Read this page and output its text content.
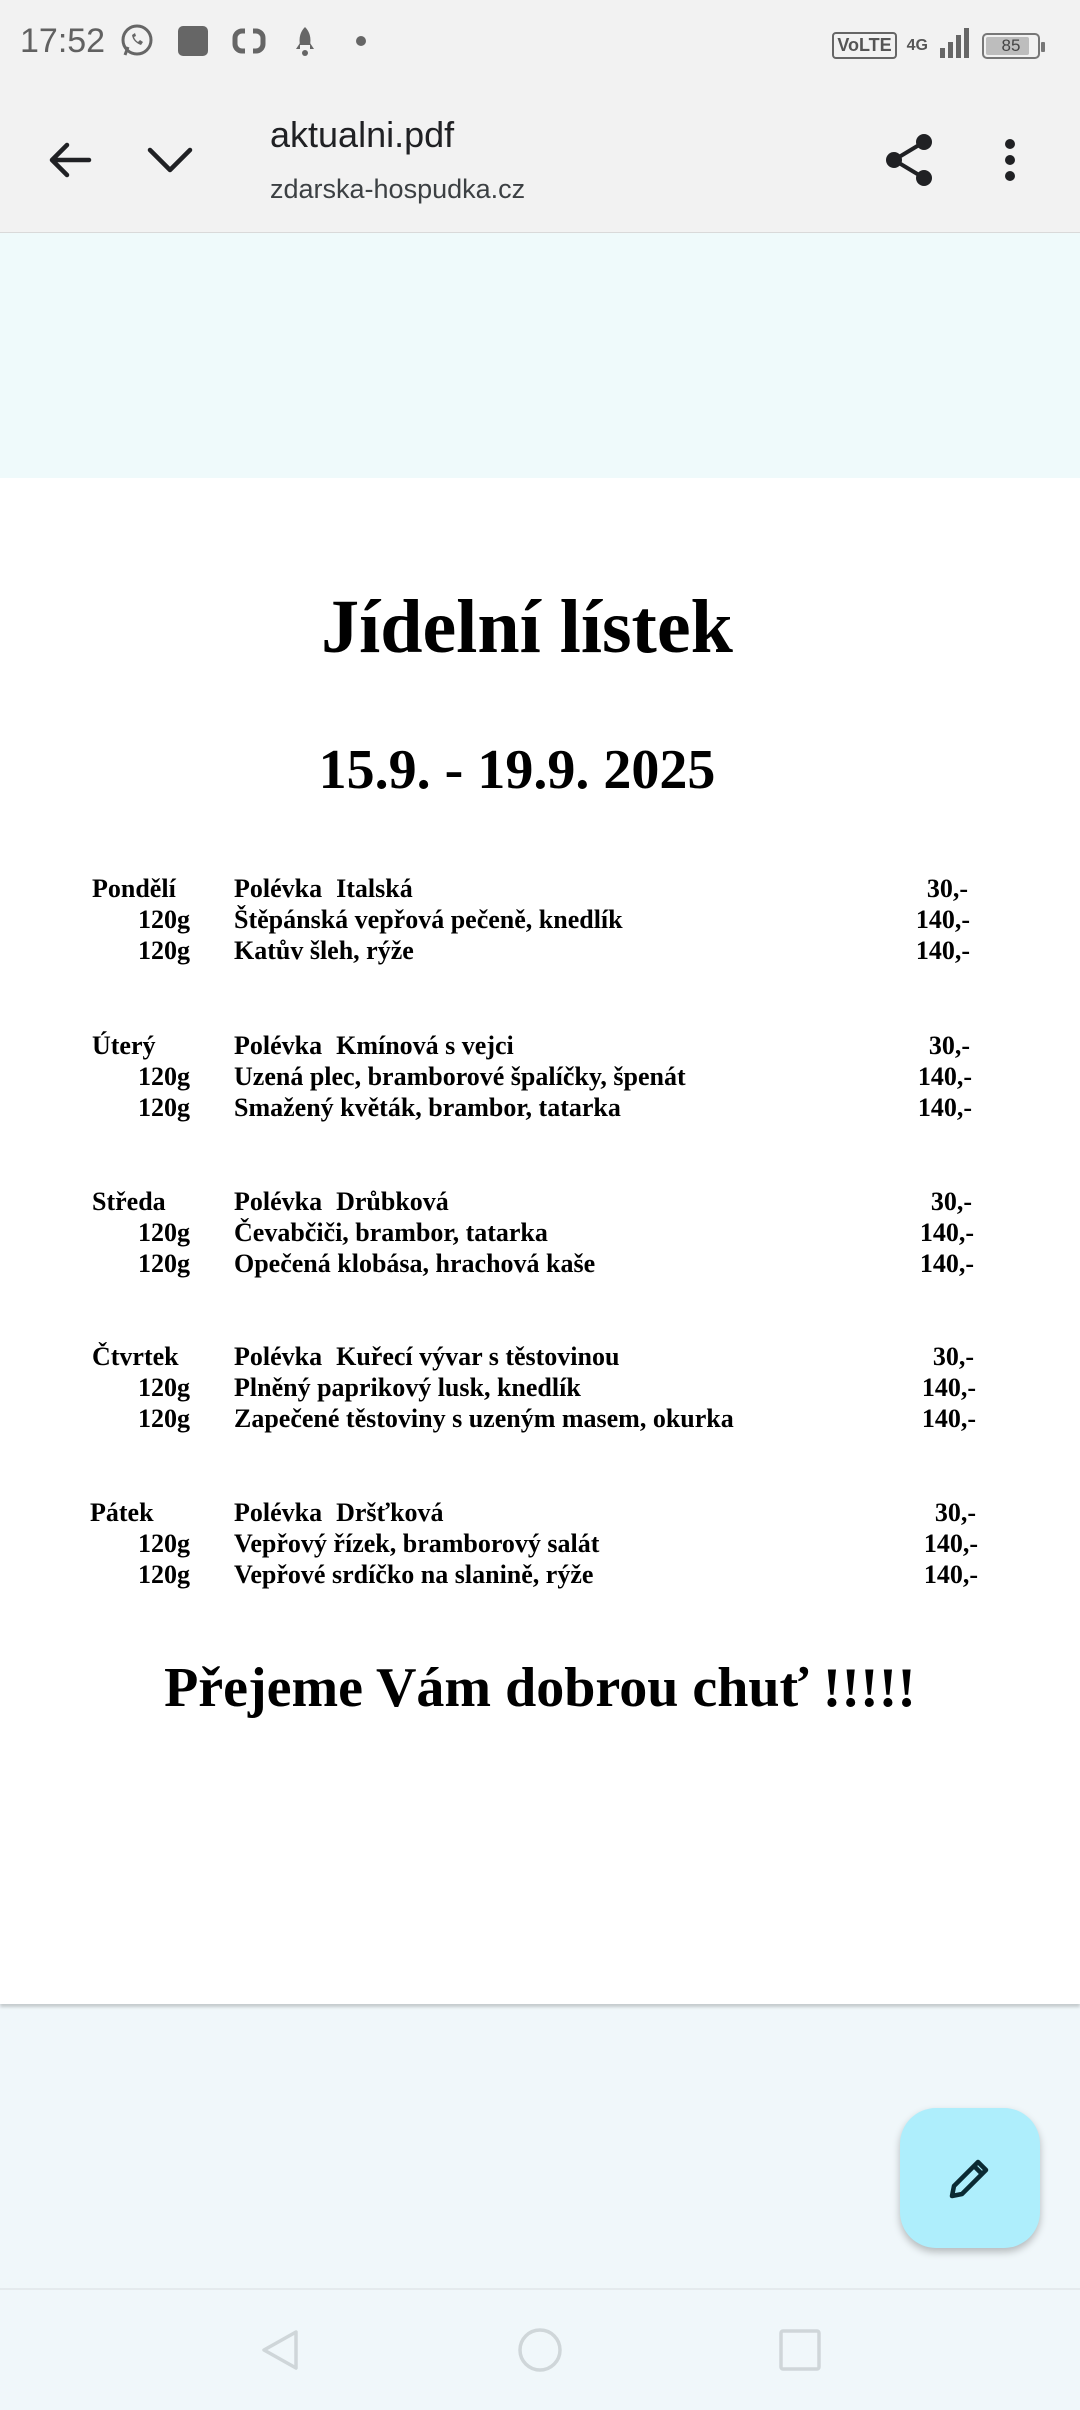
17:52	VoLTE 4G	85
aktualni.pdf
zdarska-hospudka.cz
Jídelní lístek
15.9. - 19.9. 2025
Přejeme Vám dobrou chuť !!!!!
Pondělí Polévka Italská	30,-
120g Štěpánská vepřová pečeně, knedlík	140,-
120g Katův šleh, rýže	140,-
Úterý	Polévka Kmínová s vejci	30,-
120g Uzená plec, bramborové špalíčky, špenát	140,-
120g Smažený květák, brambor, tatarka	140,-
Středa	Polévka Drůbková	30,-
120g Čevabčiči, brambor, tatarka	140,-
120g Opečená klobása, hrachová kaše	140,-
Čtvrtek Polévka Kuřecí vývar s těstovinou	30,-
120g Plněný paprikový lusk, knedlík	140,-
120g Zapečené těstoviny s uzeným masem, okurka	140,-
Pátek	Polévka Dršťková	30,-
120g Vepřový řízek, bramborový salát	140,-
120g Vepřové srdíčko na slanině, rýže	140,-
